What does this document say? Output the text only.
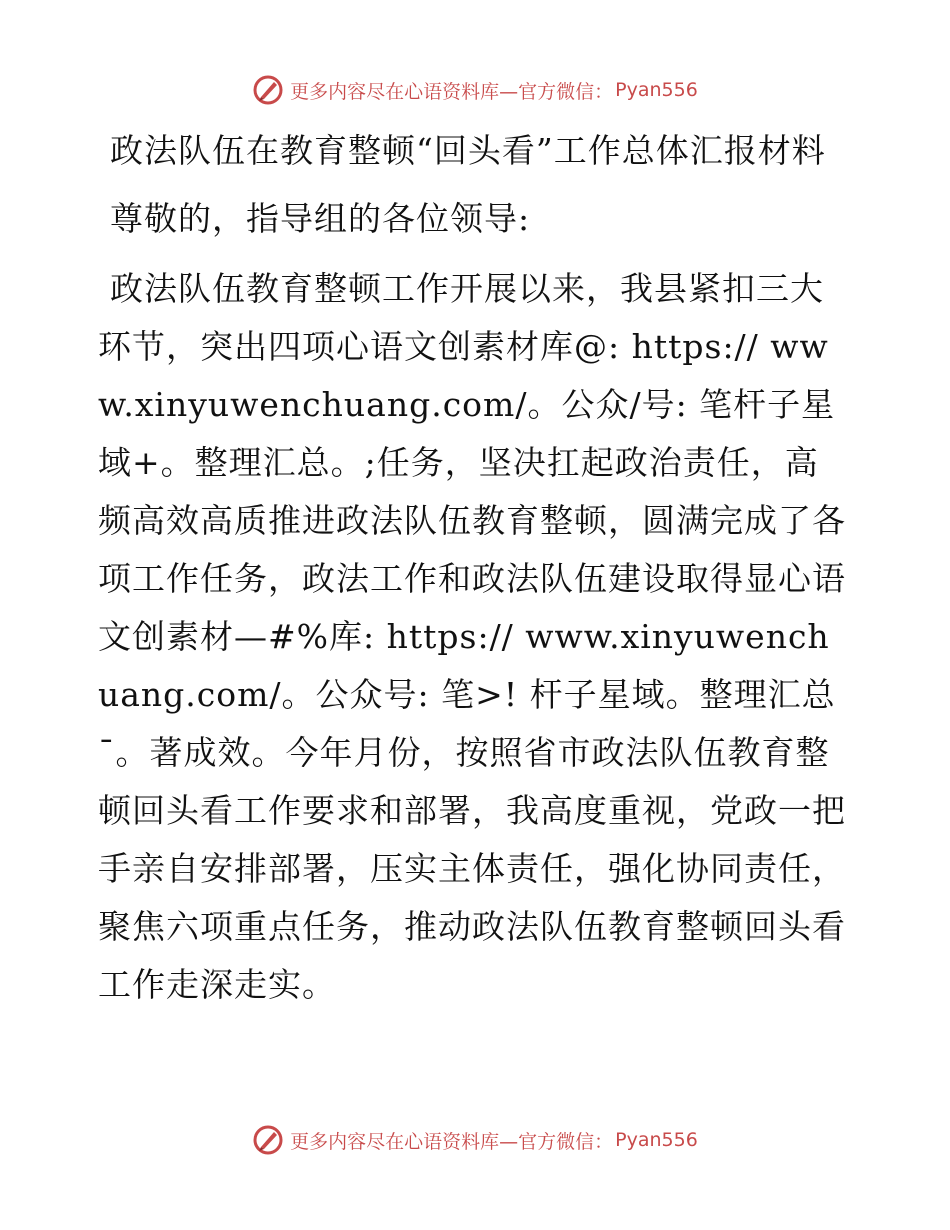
更多内容尽在心语资料库—官方微信： Pyan556
政法队伍在教育整顿“回头看”工作总体汇报材料

尊敬的，指导组的各位领导:

政法队伍教育整顿工作开展以来，我县紧扣三大环节，突出四项心语文创素材库@: https:// www.xinyuwenchuang.com/。公众/号: 笔杆子星域+。整理汇总。;任务，坚决扛起政治责任，高频高效高质推进政法队伍教育整顿，圆满完成了各项工作任务，政法工作和政法队伍建设取得显心语文创素材—#%库: https:// www.xinyuwenchuang.com/。公众号: 笔>! 杆子星域。整理汇总¯。著成效。今年月份，按照省市政法队伍教育整顿回头看工作要求和部署，我高度重视，党政一把手亲自安排部署，压实主体责任，强化协同责任，聚焦六项重点任务，推动政法队伍教育整顿回头看工作走深走实。

更多内容尽在心语资料库—官方微信： Pyan556
